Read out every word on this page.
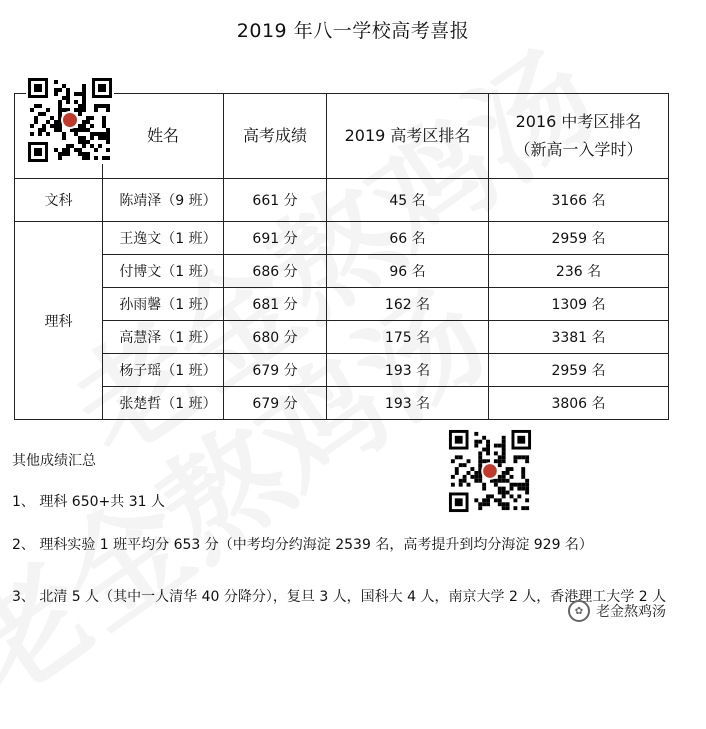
2019 年八一学校高考喜报
	姓名	高考成绩	2019 高考区排名	2016 中考区排名
（新高一入学时）

文科	陈靖泽（9 班）	661 分	45 名	3166 名
理科	王逸文（1 班）	691 分	66 名	2959 名
	付博文（1 班）	686 分	96 名	236 名
	孙雨馨（1 班）	681 分	162 名	1309 名
	高慧泽（1 班）	680 分	175 名	3381 名
	杨子瑶（1 班）	679 分	193 名	2959 名
	张楚哲（1 班）	679 分	193 名	3806 名
其他成绩汇总
1、 理科 650+共 31 人
2、 理科实验 1 班平均分 653 分（中考均分约海淀 2539 名，高考提升到均分海淀 929 名）
3、 北清 5 人（其中一人清华 40 分降分），复旦 3 人，国科大 4 人，南京大学 2 人，香港理工大学 2 人
✿ 老金熬鸡汤
